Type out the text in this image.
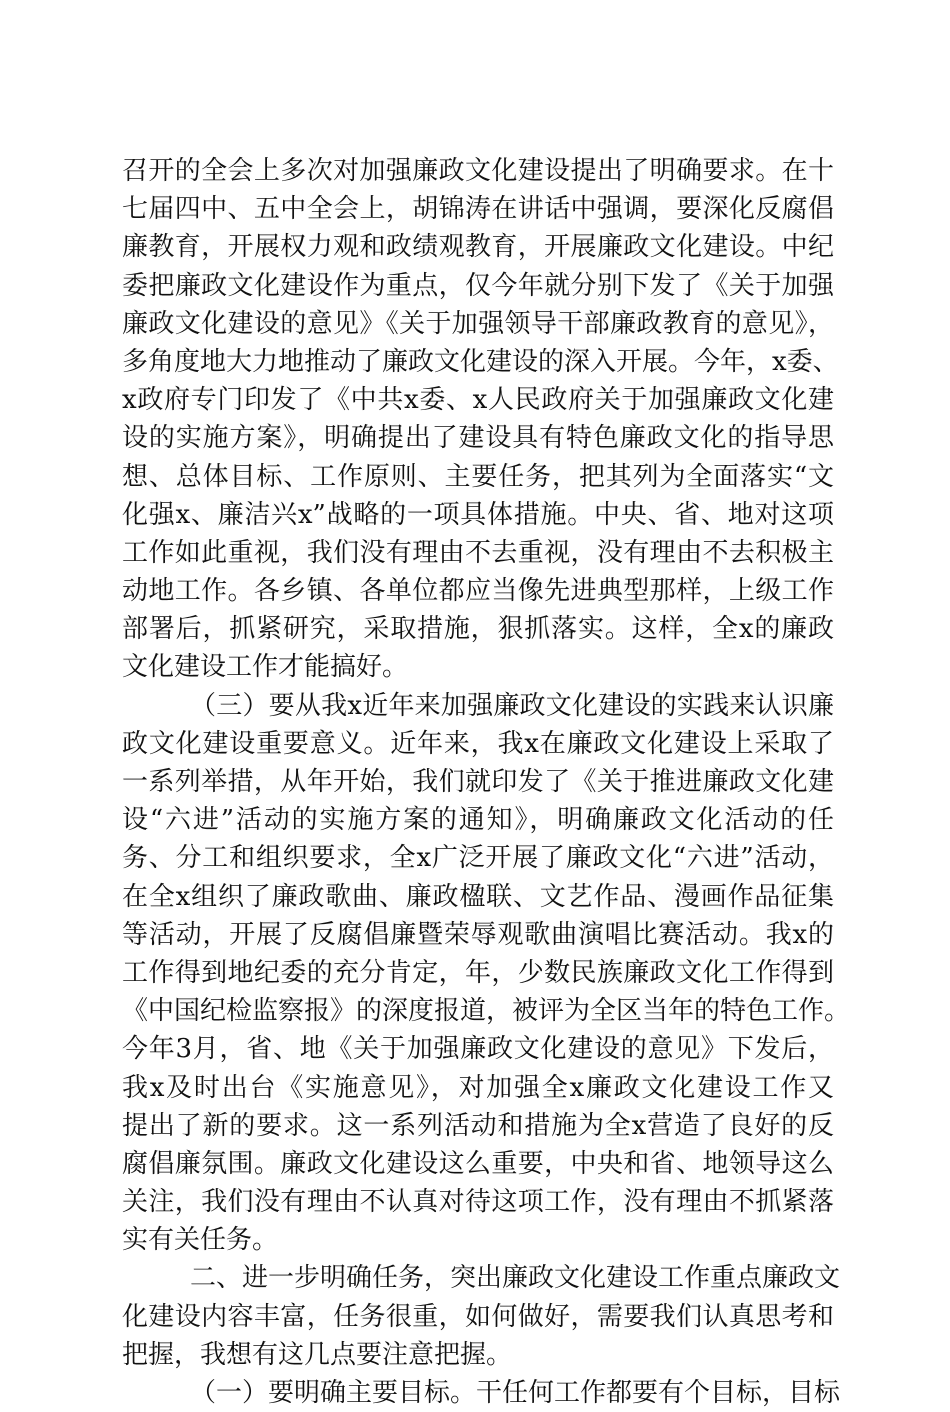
召开的全会上多次对加强廉政文化建设提出了明确要求。在十
七届四中、五中全会上，胡锦涛在讲话中强调，要深化反腐倡
廉教育，开展权力观和政绩观教育，开展廉政文化建设。中纪
委把廉政文化建设作为重点，仅今年就分别下发了《关于加强
廉政文化建设的意见》《关于加强领导干部廉政教育的意见》，
多角度地大力地推动了廉政文化建设的深入开展。今年，x委、
x政府专门印发了《中共x委、x人民政府关于加强廉政文化建
设的实施方案》，明确提出了建设具有特色廉政文化的指导思
想、总体目标、工作原则、主要任务，把其列为全面落实“文
化强x、廉洁兴x”战略的一项具体措施。中央、省、地对这项
工作如此重视，我们没有理由不去重视，没有理由不去积极主
动地工作。各乡镇、各单位都应当像先进典型那样，上级工作
部署后，抓紧研究，采取措施，狠抓落实。这样，全x的廉政
文化建设工作才能搞好。
（三）要从我x近年来加强廉政文化建设的实践来认识廉
政文化建设重要意义。近年来，我x在廉政文化建设上采取了
一系列举措，从年开始，我们就印发了《关于推进廉政文化建
设“六进”活动的实施方案的通知》，明确廉政文化活动的任
务、分工和组织要求，全x广泛开展了廉政文化“六进”活动，
在全x组织了廉政歌曲、廉政楹联、文艺作品、漫画作品征集
等活动，开展了反腐倡廉暨荣辱观歌曲演唱比赛活动。我x的
工作得到地纪委的充分肯定，年，少数民族廉政文化工作得到
《中国纪检监察报》的深度报道，被评为全区当年的特色工作。
今年3月，省、地《关于加强廉政文化建设的意见》下发后，
我x及时出台《实施意见》，对加强全x廉政文化建设工作又
提出了新的要求。这一系列活动和措施为全x营造了良好的反
腐倡廉氛围。廉政文化建设这么重要，中央和省、地领导这么
关注，我们没有理由不认真对待这项工作，没有理由不抓紧落
实有关任务。
二、进一步明确任务，突出廉政文化建设工作重点廉政文
化建设内容丰富，任务很重，如何做好，需要我们认真思考和
把握，我想有这几点要注意把握。
（一）要明确主要目标。干任何工作都要有个目标，目标
